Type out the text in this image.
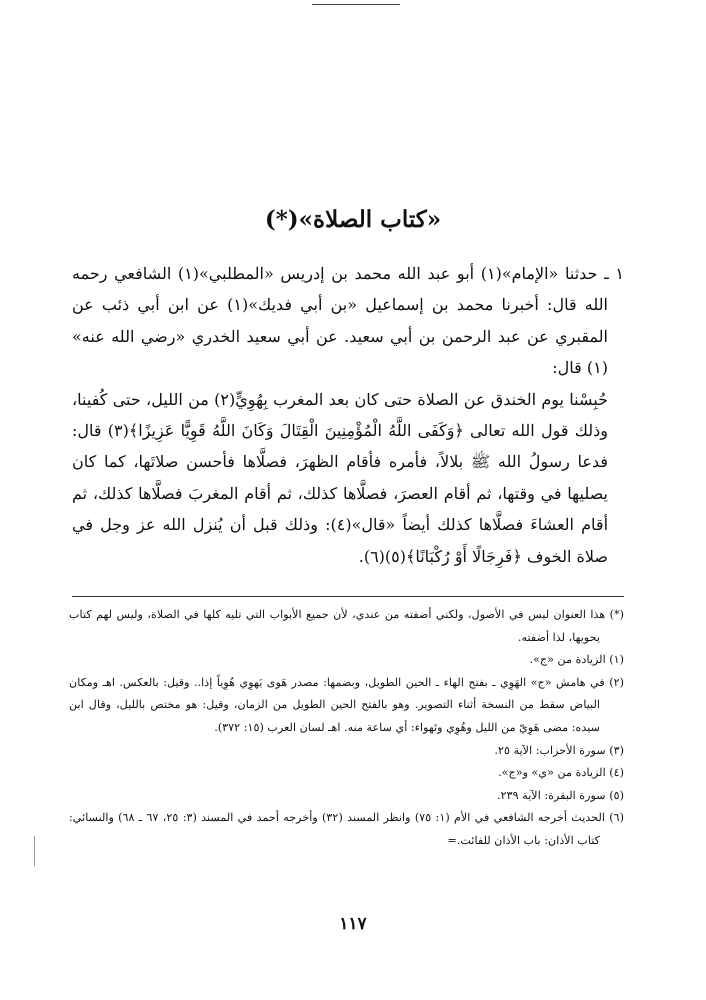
«كتاب الصلاة»(*)

١ ـ حدثنا «الإمام»(١) أبو عبد الله محمد بن إدريس «المطلبي»(١) الشافعي رحمه الله قال: أخبرنا محمد بن إسماعيل «بن أبي فديك»(١) عن ابن أبي ذئب عن المقبري عن عبد الرحمن بن أبي سعيد. عن أبي سعيد الخدري «رضي الله عنه» (١) قال:

حُبِسْنا يوم الخندق عن الصلاة حتى كان بعد المغرب بِهُوِيٍّ(٢) من الليل، حتى كُفينا، وذلك قول الله تعالى ﴿وَكَفَى اللَّهُ الْمُؤْمِنِينَ الْقِتَالَ وَكَانَ اللَّهُ قَوِيًّا عَزِيزًا﴾(٣) قال: فدعا رسولُ الله ﷺ بلالاً، فأمره فأقام الظهرَ، فصلَّاها فأحسن صلاتَها، كما كان يصليها في وقتها، ثم أقام العصرَ، فصلَّاها كذلك، ثم أقام المغربَ فصلَّاها كذلك، ثم أقام العشاءَ فصلَّاها كذلك أيضاً «قال»(٤): وذلك قبل أن يُنزل الله عز وجل في صلاة الخوف ﴿فَرِجَالًا أَوْ رُكْبَانًا﴾(٥)(٦).

(*) هذا العنوان ليس في الأصول، ولكني أضفته من عندي، لأن جميع الأبواب التي تليه كلها في الصلاة، وليس لهم كتاب يحويها، لذا أضفته.

(١) الزيادة من «ج».

(٢) في هامش «ج» الهَوِي ـ بفتح الهاء ـ الحين الطويل، وبضمها: مصدر هَوى يَهوِي هُوِياً إذا.. وقيل: بالعكس. اهـ ومكان البياض سقط من النسخة أثناء التصوير. وهو بالفتح الحين الطويل من الزمان، وقيل: هو مختص بالليل، وقال ابن سيده: مضى هَوِيّ من الليل وهُوِي وتَهواء: أي ساعة منه. اهـ لسان العرب (١٥: ٣٧٢).

(٣) سورة الأحزاب: الآية ٢٥.

(٤) الزيادة من «ي» و«ج».

(٥) سورة البقرة: الآية ٢٣٩.

(٦) الحديث أخرجه الشافعي في الأم (١: ٧٥) وانظر المسند (٣٢) وأخرجه أحمد في المسند (٣: ٢٥، ٦٧ ـ ٦٨) والنسائي: كتاب الأذان: باب الأذان للفائت.=

١١٧
